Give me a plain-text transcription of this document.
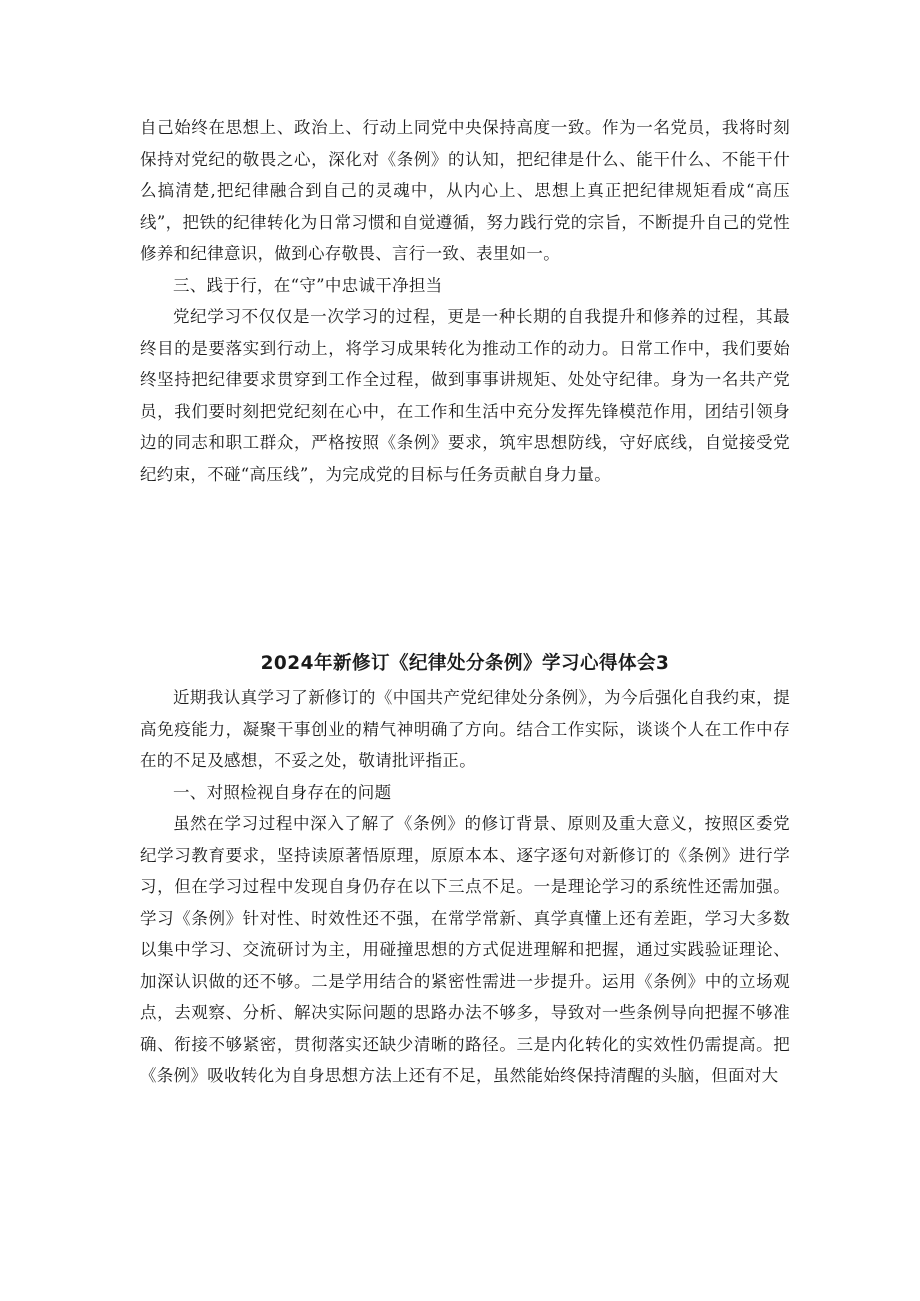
自己始终在思想上、政治上、行动上同党中央保持高度一致。作为一名党员，我将时刻保持对党纪的敬畏之心，深化对《条例》的认知，把纪律是什么、能干什么、不能干什么搞清楚,把纪律融合到自己的灵魂中，从内心上、思想上真正把纪律规矩看成“高压线”，把铁的纪律转化为日常习惯和自觉遵循，努力践行党的宗旨，不断提升自己的党性修养和纪律意识，做到心存敬畏、言行一致、表里如一。

三、践于行，在“守”中忠诚干净担当

党纪学习不仅仅是一次学习的过程，更是一种长期的自我提升和修养的过程，其最终目的是要落实到行动上，将学习成果转化为推动工作的动力。日常工作中，我们要始终坚持把纪律要求贯穿到工作全过程，做到事事讲规矩、处处守纪律。身为一名共产党员，我们要时刻把党纪刻在心中，在工作和生活中充分发挥先锋模范作用，团结引领身边的同志和职工群众，严格按照《条例》要求，筑牢思想防线，守好底线，自觉接受党纪约束，不碰“高压线”，为完成党的目标与任务贡献自身力量。

2024年新修订《纪律处分条例》学习心得体会3

近期我认真学习了新修订的《中国共产党纪律处分条例》，为今后强化自我约束，提高免疫能力，凝聚干事创业的精气神明确了方向。结合工作实际，谈谈个人在工作中存在的不足及感想，不妥之处，敬请批评指正。

一、对照检视自身存在的问题

虽然在学习过程中深入了解了《条例》的修订背景、原则及重大意义，按照区委党纪学习教育要求，坚持读原著悟原理，原原本本、逐字逐句对新修订的《条例》进行学习，但在学习过程中发现自身仍存在以下三点不足。一是理论学习的系统性还需加强。学习《条例》针对性、时效性还不强，在常学常新、真学真懂上还有差距，学习大多数以集中学习、交流研讨为主，用碰撞思想的方式促进理解和把握，通过实践验证理论、加深认识做的还不够。二是学用结合的紧密性需进一步提升。运用《条例》中的立场观点，去观察、分析、解决实际问题的思路办法不够多，导致对一些条例导向把握不够准确、衔接不够紧密，贯彻落实还缺少清晰的路径。三是内化转化的实效性仍需提高。把《条例》吸收转化为自身思想方法上还有不足，虽然能始终保持清醒的头脑，但面对大
